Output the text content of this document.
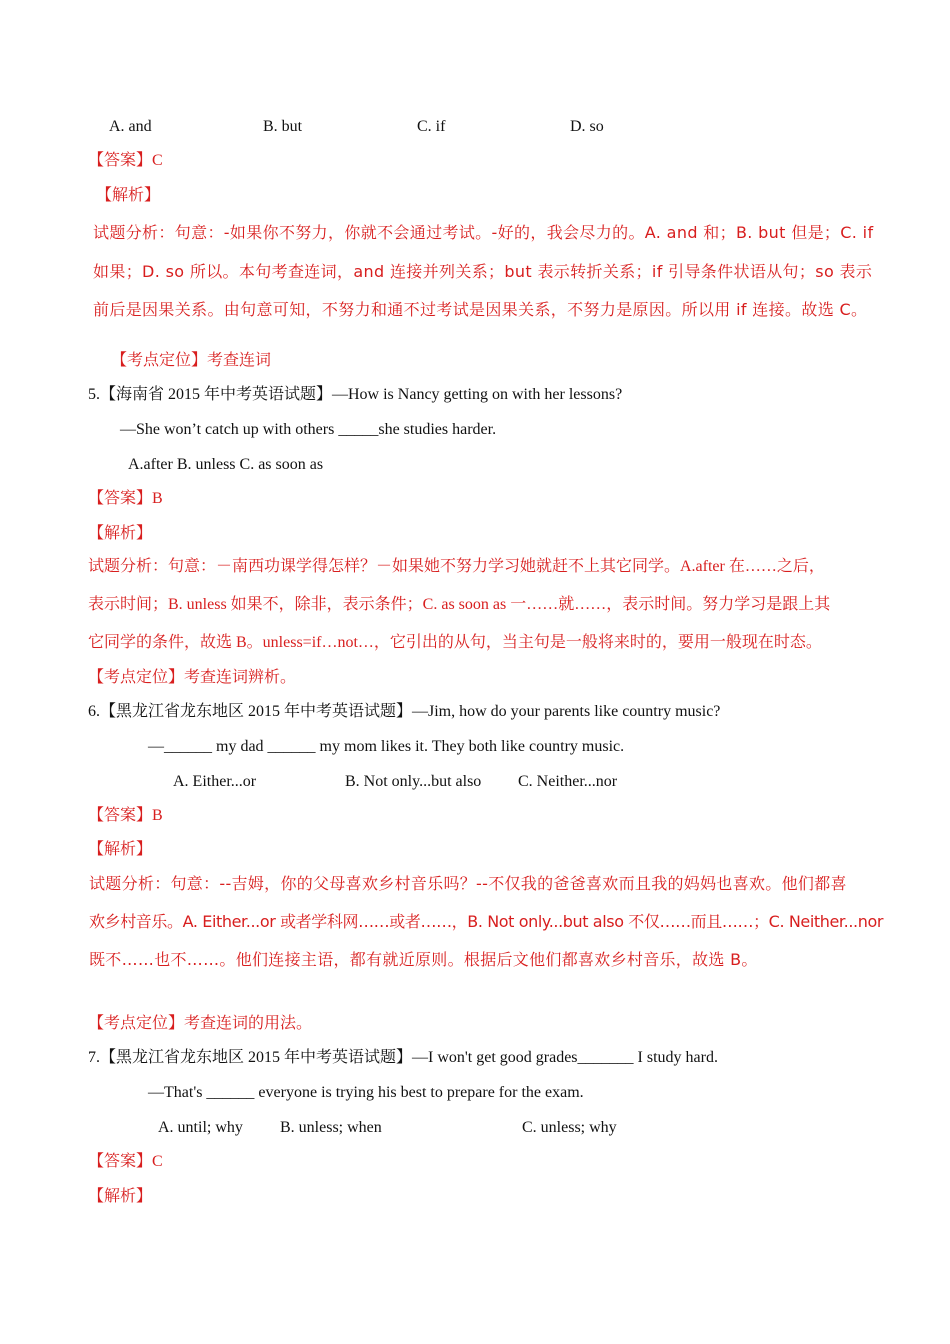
A. and	B. but	C. if	D. so
【答案】C
【解析】
试题分析：句意：-如果你不努力，你就不会通过考试。-好的，我会尽力的。A. and 和；B. but 但是；C. if
如果；D. so 所以。本句考查连词，and 连接并列关系；but 表示转折关系；if 引导条件状语从句；so 表示
前后是因果关系。由句意可知，不努力和通不过考试是因果关系，不努力是原因。所以用 if 连接。故选 C。
【考点定位】考查连词
5.【海南省 2015 年中考英语试题】—How is Nancy getting on with her lessons?
—She won’t catch up with others _____she studies harder.
A.after B. unless C. as soon as
【答案】B
【解析】
试题分析：句意：－南西功课学得怎样？－如果她不努力学习她就赶不上其它同学。A.after 在……之后，
表示时间；B. unless 如果不，除非，表示条件；C. as soon as 一……就……，表示时间。努力学习是跟上其
它同学的条件，故选 B。unless=if…not…，它引出的从句，当主句是一般将来时的，要用一般现在时态。
【考点定位】考查连词辨析。
6.【黑龙江省龙东地区 2015 年中考英语试题】—Jim, how do your parents like country music?
—______ my dad ______ my mom likes it. They both like country music.
A. Either...or	B. Not only...but also C. Neither...nor
【答案】B
【解析】
试题分析：句意：--吉姆，你的父母喜欢乡村音乐吗？--不仅我的爸爸喜欢而且我的妈妈也喜欢。他们都喜
欢乡村音乐。A. Either...or 或者学科网……或者……，B. Not only...but also 不仅……而且……；C. Neither...nor
既不……也不……。他们连接主语，都有就近原则。根据后文他们都喜欢乡村音乐，故选 B。
【考点定位】考查连词的用法。
7.【黑龙江省龙东地区 2015 年中考英语试题】—I won't get good grades_______ I study hard.
—That's ______ everyone is trying his best to prepare for the exam.
A. until; why B. unless; when	C. unless; why
【答案】C
【解析】
